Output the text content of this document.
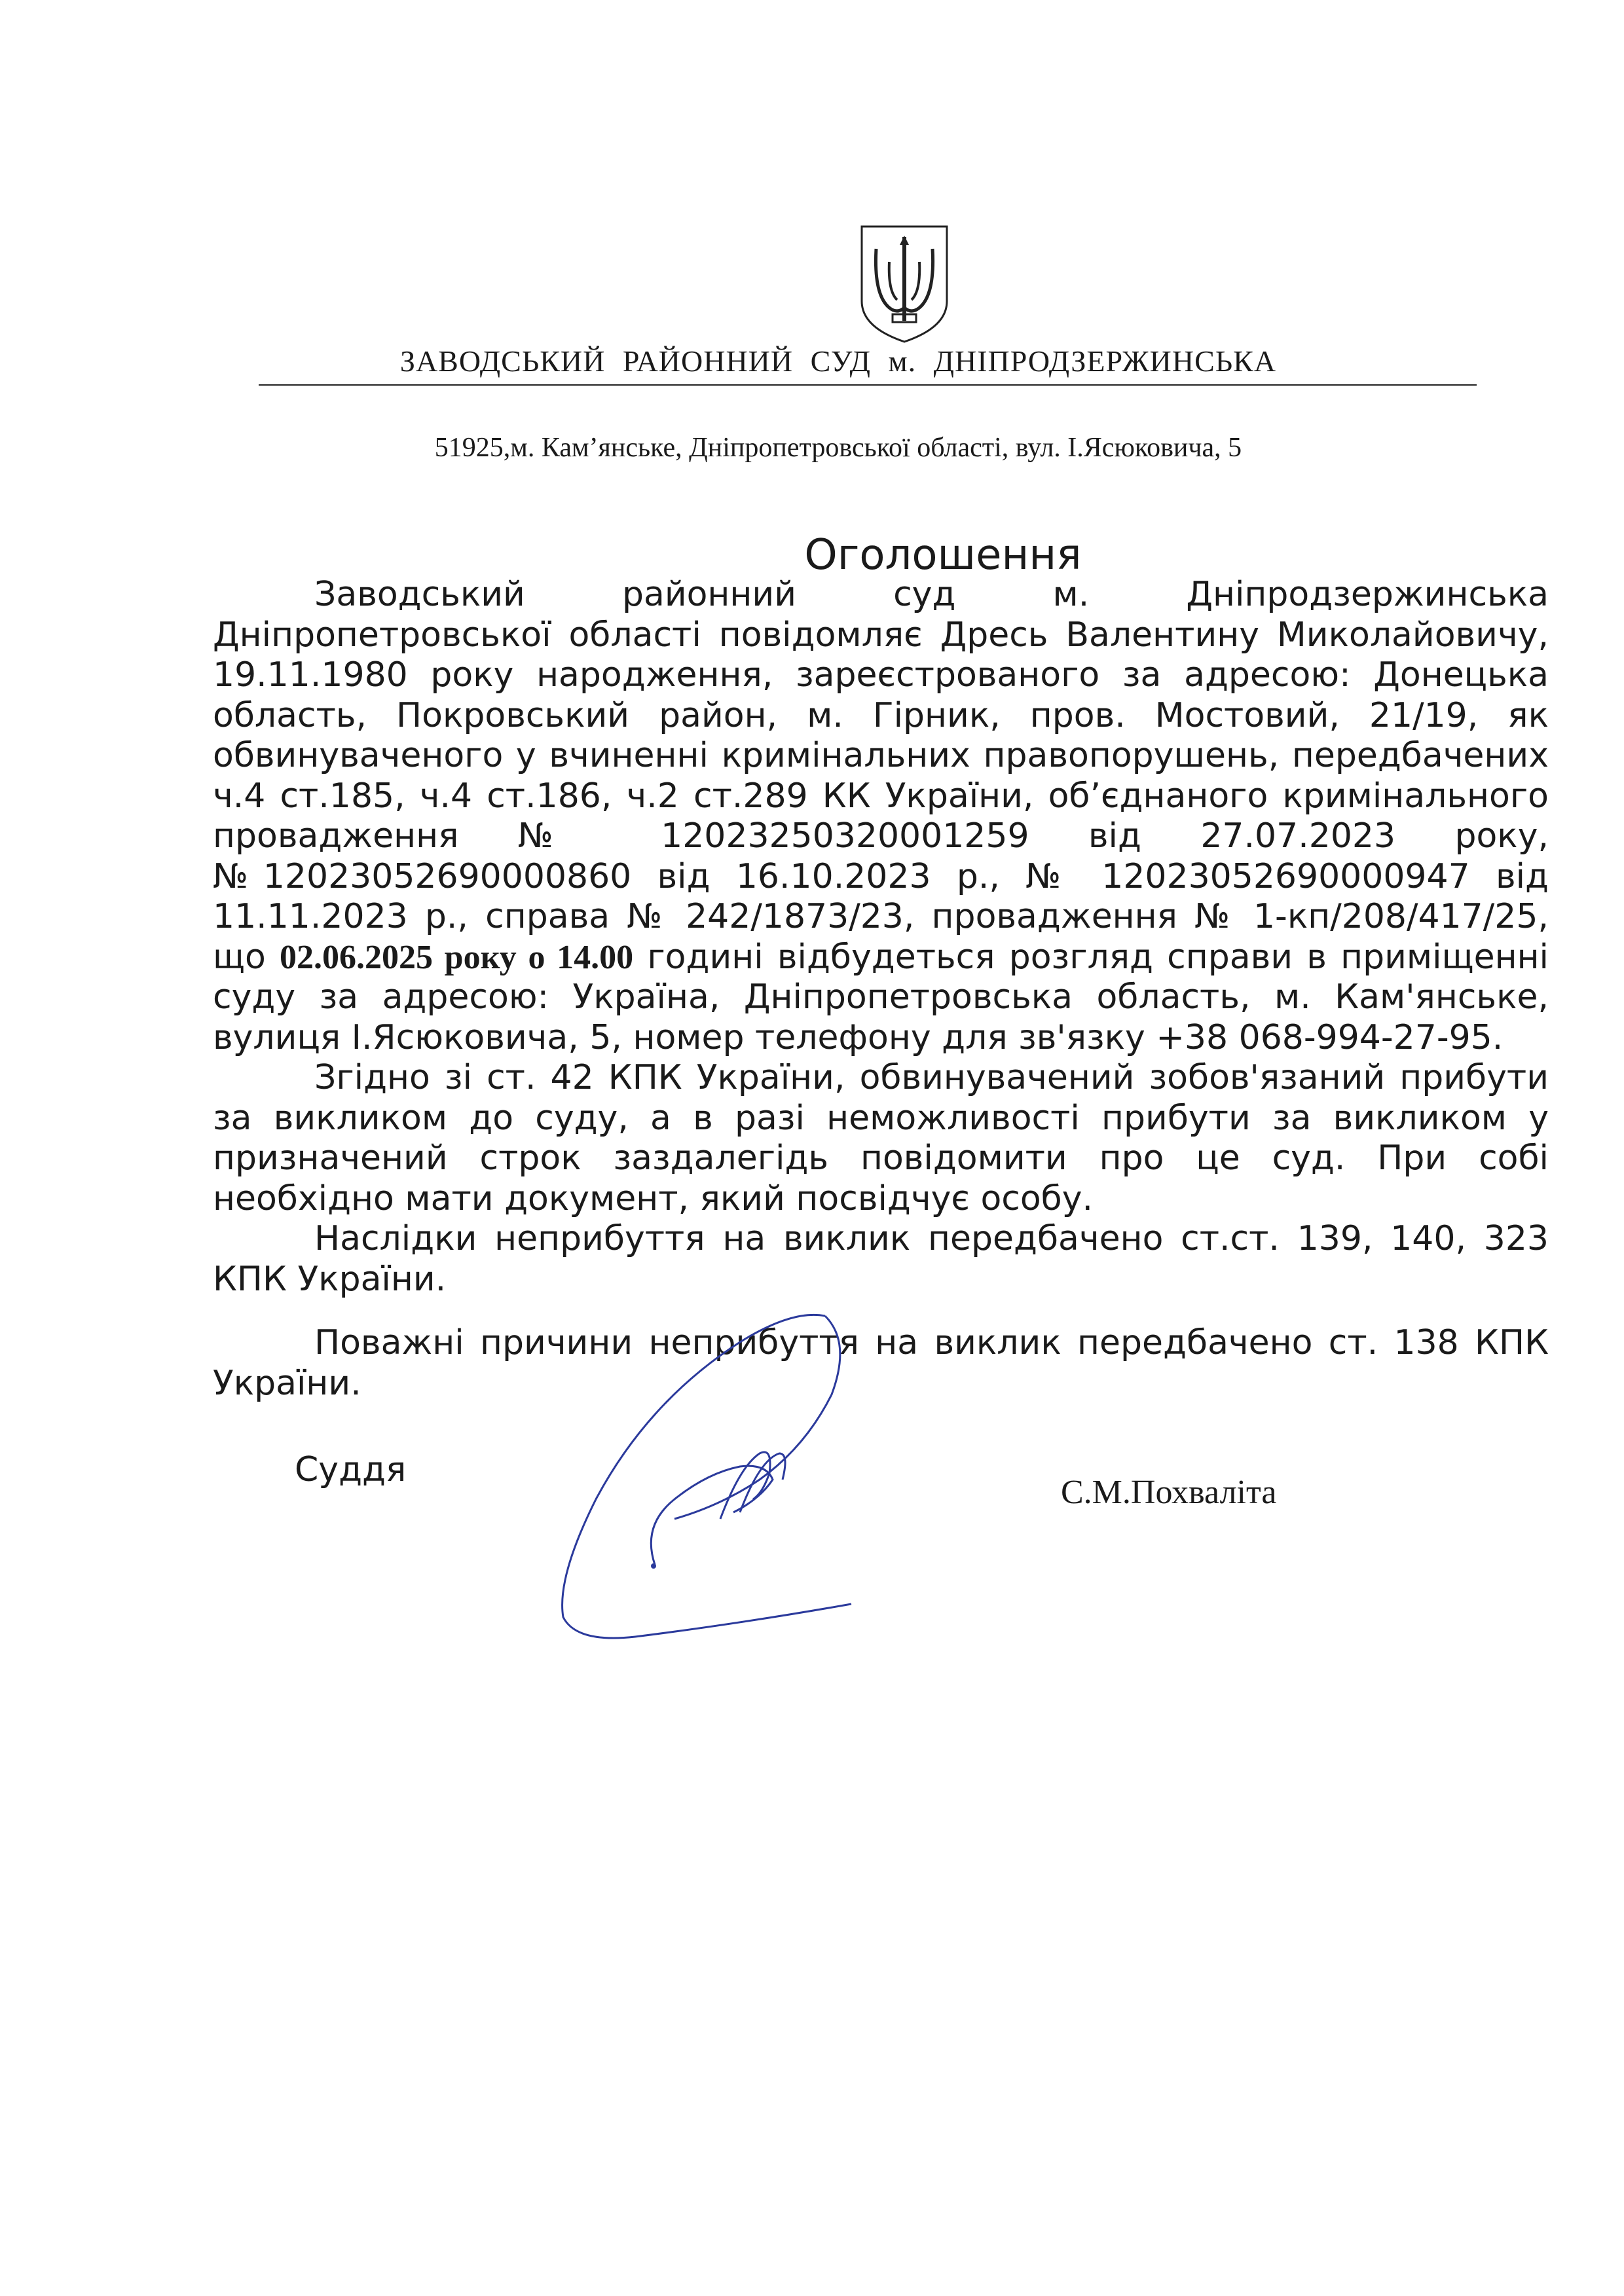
ЗАВОДСЬКИЙ РАЙОННИЙ СУД м. ДНІПРОДЗЕРЖИНСЬКА
51925,м. Кам’янське, Дніпропетровської області, вул. І.Ясюковича, 5
Оголошення

Заводський районний суд м. Дніпродзержинська Дніпропетровської області повідомляє Дресь Валентину Миколайовичу, 19.11.1980 року народження, зареєстрованого за адресою: Донецька область, Покровський район, м. Гірник, пров. Мостовий, 21/19, як обвинуваченого у вчиненні кримінальних правопорушень, передбачених ч.4 ст.185, ч.4 ст.186, ч.2 ст.289 КК України, об’єднаного кримінального провадження № 12023250320001259 від 27.07.2023 року, №12023052690000860 від 16.10.2023 р., № 12023052690000947 від 11.11.2023 р., справа № 242/1873/23, провадження № 1-кп/208/417/25, що 02.06.2025 року о 14.00 годині відбудеться розгляд справи в приміщенні суду за адресою: Україна, Дніпропетровська область, м. Кам'янське, вулиця І.Ясюковича, 5, номер телефону для зв'язку +38 068-994-27-95.

Згідно зі ст. 42 КПК України, обвинувачений зобов'язаний прибути за викликом до суду, а в разі неможливості прибути за викликом у призначений строк заздалегідь повідомити про це суд. При собі необхідно мати документ, який посвідчує особу.

Наслідки неприбуття на виклик передбачено ст.ст. 139, 140, 323 КПК України.

Поважні причини неприбуття на виклик передбачено ст. 138 КПК України.

Суддя
С.М.Похваліта
